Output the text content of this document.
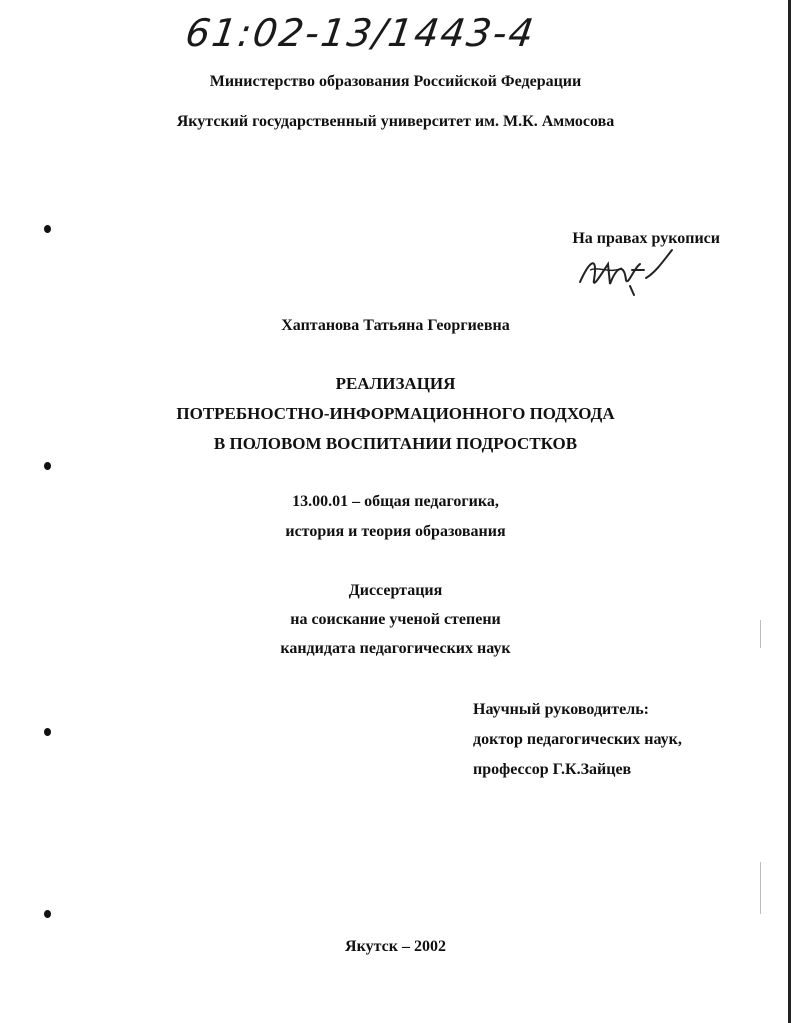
61:02-13/1443-4
Министерство образования Российской Федерации
Якутский государственный университет им. М.К. Аммосова
На правах рукописи
Хаптанова Татьяна Георгиевна
РЕАЛИЗАЦИЯ
ПОТРЕБНОСТНО-ИНФОРМАЦИОННОГО ПОДХОДА
В ПОЛОВОМ ВОСПИТАНИИ ПОДРОСТКОВ
13.00.01 – общая педагогика,
история и теория образования
Диссертация
на соискание ученой степени
кандидата педагогических наук
Научный руководитель:
доктор педагогических наук,
профессор Г.К.Зайцев
Якутск – 2002
